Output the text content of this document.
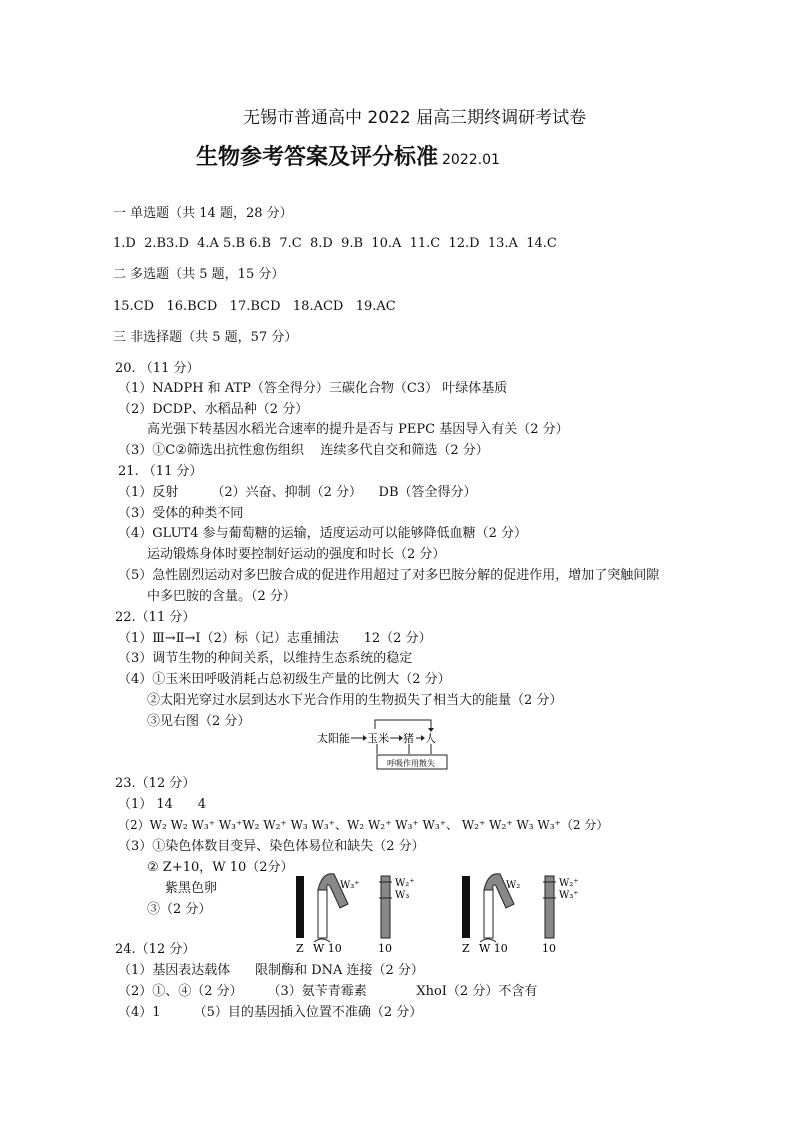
无锡市普通高中 2022 届高三期终调研考试卷
生物参考答案及评分标准 2022.01
一 单选题（共 14 题，28 分）
1.D  2.B3.D  4.A 5.B 6.B  7.C  8.D  9.B  10.A  11.C  12.D  13.A  14.C
二 多选题（共 5 题，15 分）
15.CD   16.BCD   17.BCD   18.ACD   19.AC
三 非选择题（共 5 题，57 分）
20. （11 分）
（1）NADPH 和 ATP（答全得分）三碳化合物（C3） 叶绿体基质
（2）DCDP、水稻品种（2 分）
高光强下转基因水稻光合速率的提升是否与 PEPC 基因导入有关（2 分）
（3）①C②筛选出抗性愈伤组织    连续多代自交和筛选（2 分）
21. （11 分）
（1）反射        （2）兴奋、抑制（2 分）    DB（答全得分）
（3）受体的种类不同
（4）GLUT4 参与葡萄糖的运输，适度运动可以能够降低血糖（2 分）
运动锻炼身体时要控制好运动的强度和时长（2 分）
（5）急性剧烈运动对多巴胺合成的促进作用超过了对多巴胺分解的促进作用，增加了突触间隙
中多巴胺的含量。（2 分）
22.（11 分）
（1）Ⅲ→Ⅱ→Ⅰ（2）标（记）志重捕法      12（2 分）
（3）调节生物的种间关系，以维持生态系统的稳定
（4）①玉米田呼吸消耗占总初级生产量的比例大（2 分）
②太阳光穿过水层到达水下光合作用的生物损失了相当大的能量（2 分）
③见右图（2 分）
太阳能 玉米 猪 人
呼吸作用散失
23.（12 分）
（1） 14      4
（2）W₂ W₂ W₃⁺ W₃⁺W₂ W₂⁺ W₃ W₃⁺、W₂ W₂⁺ W₃⁺ W₃⁺、 W₂⁺ W₂⁺ W₃ W₃⁺（2 分）
（3）①染色体数目变异、染色体易位和缺失（2 分）
② Z+10，W 10（2分）
紫黑色卵
③（2 分）
W₃⁺	W₂⁺
W₃
Z W 10	10
W₂	W₂⁺
W₃⁺
Z W 10	10
24.（12 分）
（1）基因表达载体      限制酶和 DNA 连接（2 分）
（2）①、④（2 分）      （3）氨苄青霉素            XhoⅠ（2 分）不含有
（4）1        （5）目的基因插入位置不准确（2 分）
